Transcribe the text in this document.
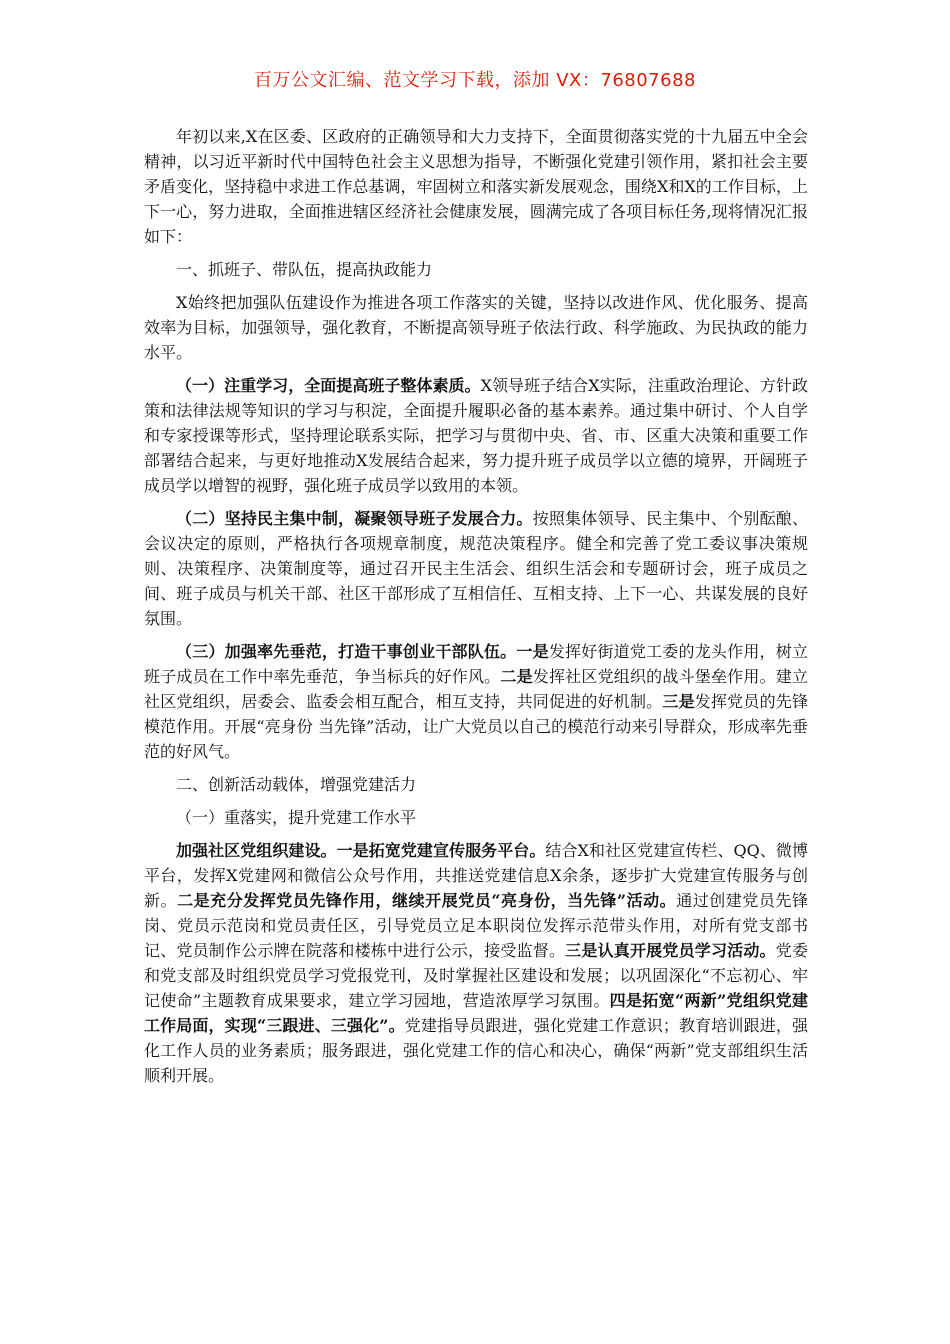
百万公文汇编、范文学习下载，添加 VX：76807688

年初以来,X在区委、区政府的正确领导和大力支持下，全面贯彻落实党的十九届五中全会精神，以习近平新时代中国特色社会主义思想为指导，不断强化党建引领作用，紧扣社会主要矛盾变化，坚持稳中求进工作总基调，牢固树立和落实新发展观念，围绕X和X的工作目标，上下一心，努力进取，全面推进辖区经济社会健康发展，圆满完成了各项目标任务,现将情况汇报如下：

一、抓班子、带队伍，提高执政能力

X始终把加强队伍建设作为推进各项工作落实的关键，坚持以改进作风、优化服务、提高效率为目标，加强领导，强化教育，不断提高领导班子依法行政、科学施政、为民执政的能力水平。

（一）注重学习，全面提高班子整体素质。X领导班子结合X实际，注重政治理论、方针政策和法律法规等知识的学习与积淀，全面提升履职必备的基本素养。通过集中研讨、个人自学和专家授课等形式，坚持理论联系实际，把学习与贯彻中央、省、市、区重大决策和重要工作部署结合起来，与更好地推动X发展结合起来，努力提升班子成员学以立德的境界，开阔班子成员学以增智的视野，强化班子成员学以致用的本领。

（二）坚持民主集中制，凝聚领导班子发展合力。按照集体领导、民主集中、个别酝酿、会议决定的原则，严格执行各项规章制度，规范决策程序。健全和完善了党工委议事决策规则、决策程序、决策制度等，通过召开民主生活会、组织生活会和专题研讨会，班子成员之间、班子成员与机关干部、社区干部形成了互相信任、互相支持、上下一心、共谋发展的良好氛围。

（三）加强率先垂范，打造干事创业干部队伍。一是发挥好街道党工委的龙头作用，树立班子成员在工作中率先垂范，争当标兵的好作风。二是发挥社区党组织的战斗堡垒作用。建立社区党组织，居委会、监委会相互配合，相互支持，共同促进的好机制。三是发挥党员的先锋模范作用。开展“亮身份 当先锋”活动，让广大党员以自己的模范行动来引导群众，形成率先垂范的好风气。

二、创新活动载体，增强党建活力

（一）重落实，提升党建工作水平

加强社区党组织建设。一是拓宽党建宣传服务平台。结合X和社区党建宣传栏、QQ、微博平台，发挥X党建网和微信公众号作用，共推送党建信息X余条，逐步扩大党建宣传服务与创新。二是充分发挥党员先锋作用，继续开展党员“亮身份，当先锋”活动。通过创建党员先锋岗、党员示范岗和党员责任区，引导党员立足本职岗位发挥示范带头作用，对所有党支部书记、党员制作公示牌在院落和楼栋中进行公示，接受监督。三是认真开展党员学习活动。党委和党支部及时组织党员学习党报党刊，及时掌握社区建设和发展；以巩固深化“不忘初心、牢记使命”主题教育成果要求，建立学习园地，营造浓厚学习氛围。四是拓宽“两新”党组织党建工作局面，实现“三跟进、三强化”。党建指导员跟进，强化党建工作意识；教育培训跟进，强化工作人员的业务素质；服务跟进，强化党建工作的信心和决心，确保“两新”党支部组织生活顺利开展。
